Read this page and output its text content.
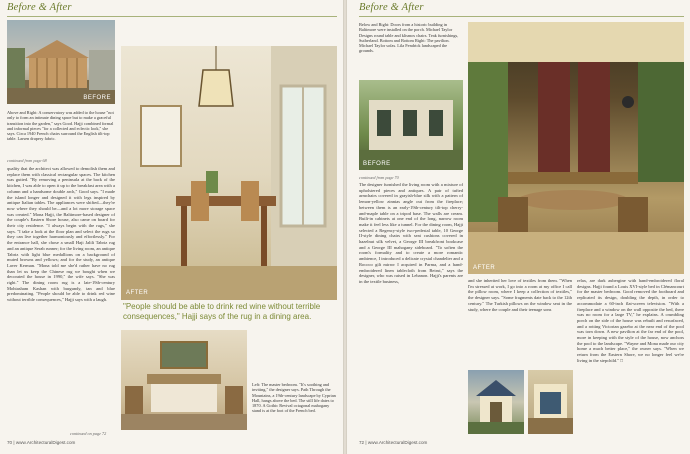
Before & After
BEFORE
Above and Right: A conservatory was added to the house "not only to form an intimate dining space but to make a graceful transition into the garden," says Good. Hajji combined formal and informal pieces "for a collected and eclectic look," she says. Circa 1940 French chairs surround the English tilt-top table. Larsen drapery fabric.
continued from page 68
quality that the architect was allowed to demolish them and replace them with classical rectangular spaces. The kitchen was gutted. "By removing a peninsula at the back of the kitchen, I was able to open it up to the breakfast area with a column and a handsome double arch," Good says. "I made the island longer and designed it with legs inspired by antique Italian tables. The appliances were shifted—they're now where they should be—and a lot more storage space was created." Mona Hajji, the Baltimore-based designer of the couple's Eastern Shore house, also came on board for their city residence. "I always begin with the rugs," she says. "I take a look at the floor plan and select the rugs so they can live together harmoniously and effortlessly." For the entrance hall, she chose a small Haji Jalili Tabriz rug and an antique Serab runner; for the living room, an antique Tabriz with light blue medallions on a background of muted browns and yellows; and for the study, an antique Laver Kerman. "Mona told me she'd rather have no rug than let us keep the Chinese rug we bought when we decorated the house in 1990," the wife says. "She was right." The dining room rug is a late-19th-century Mohtasham Kashan with burgundy, tan and blue predominating. "People should be able to drink red wine without terrible consequences," Hajji says with a laugh.
continued on page 72
AFTER
"People should be able to drink red wine without terrible consequences," Hajji says of the rug in a dining area.
Left: The master bedroom. "It's soothing and inviting," the designer says. Path Through the Mountains, a 19th-century landscape by Cyprian Hall, hangs above the bed. The still life dates to 1870. A Gothic Revival octagonal mahogany stand is at the foot of the French bed.
70 | www.ArchitecturalDigest.com
Before & After
Below and Right: Doors from a historic building in Baltimore were installed on the porch. Michael Taylor Designs round table and klismos chairs. Teak furnishings, Sutherland. Bottom and Bottom Right: The pavilion. Michael Taylor sofas. Lila Fendrick landscaped the grounds.
BEFORE
AFTER
continued from page 70
The designer furnished the living room with a mixture of upholstered pieces and antiques. A pair of tufted armchairs covered in grayish-blue silk with a pattern of lemon-yellow zinnias angle out from the fireplace; between them is an early-19th-century tilt-top cherry-and-maple table on a tripod base. The walls are cream. Built-in cabinets at one end of the long, narrow room make it feel less like a tunnel. For the dining room, Hajji selected a Regency-style two-pedestal table, 10 George II-style dining chairs with seat cushions covered in hazelnut silk velvet, a George III breakfront bookcase and a George III mahogany sideboard. "To soften the room's formality and to create a more romantic ambience, I introduced a delicate crystal chandelier and a Rococo gilt mirror I acquired in Parma, and a hand-embroidered linen tablecloth from Beirut," says the designer, who was raised in Lebanon. Hajji's parents are in the textile business,	and she inherited her love of textiles from them. "When I'm stressed at work, I go into a room at my office I call the pillow room, where I keep a collection of textiles," the designer says. "Some fragments date back to the 12th century." The Turkish pillows on the window seat in the study, where the couple and their teenage sons
relax, are dark aubergine with hand-embroidered floral designs. Hajji found a Louis XVI-style bed in Clémancourt for the master bedroom. Good removed the footboard and replicated its design, doubling the depth, in order to accommodate a 60-inch flat-screen television. "With a fireplace and a window on the wall opposite the bed, there was no room for a large TV," he explains. A crumbling porch on the side of the house was rebuilt and resurfaced, and a rotting Victorian gazebo at the near end of the pool was torn down. A new pavilion at the far end of the pool, more in keeping with the style of the house, now anchors the pool to the landscape. "Wayne and Mona made our city home a much better place," the owner says. "When we return from the Eastern Shore, we no longer feel we're living in the stepchild." □
72 | www.ArchitecturalDigest.com
